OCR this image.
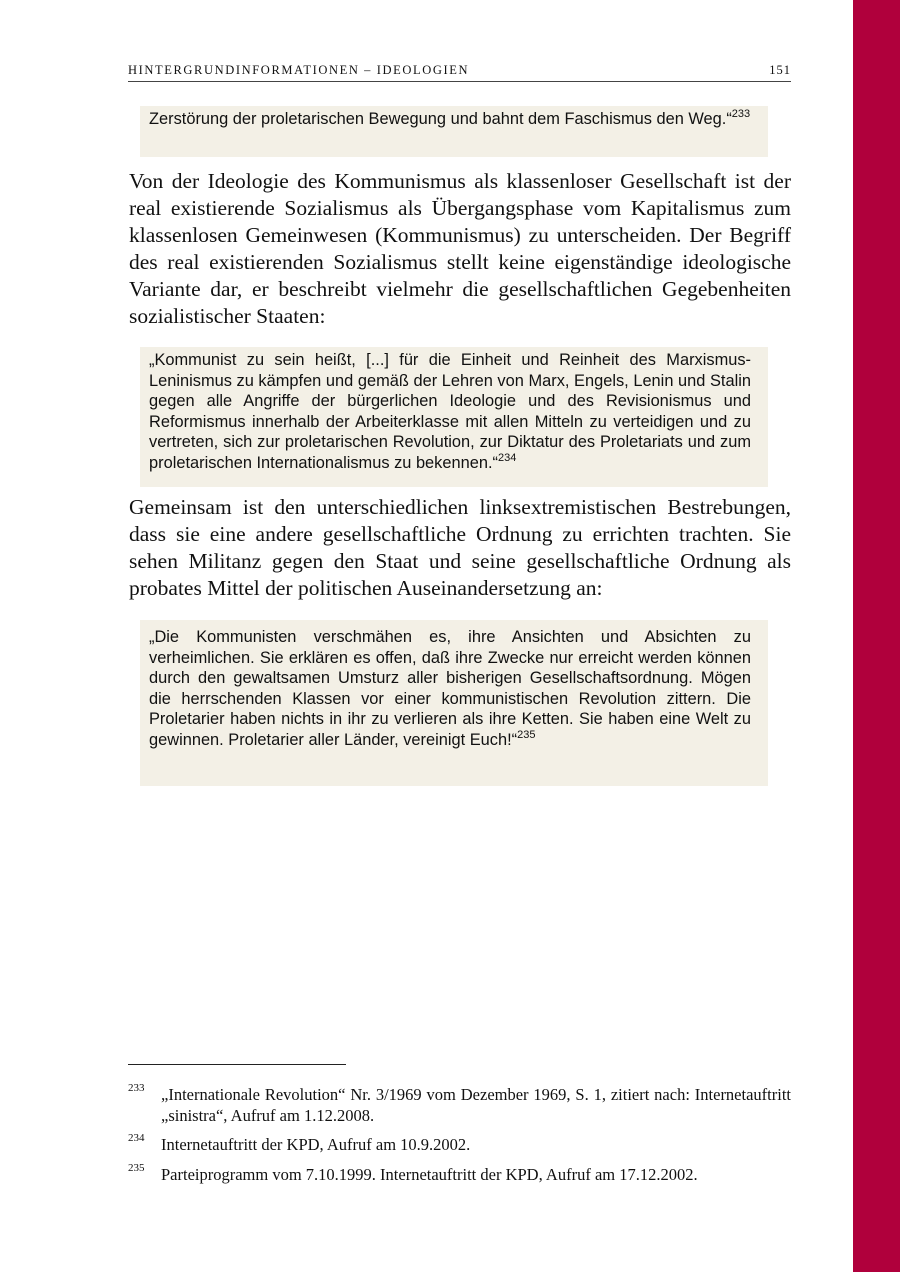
HINTERGRUNDINFORMATIONEN – IDEOLOGIEN	151
Zerstörung der proletarischen Bewegung und bahnt dem Faschismus den Weg.“$^{233}$
Von der Ideologie des Kommunismus als klassenloser Gesellschaft ist der real existierende Sozialismus als Übergangsphase vom Kapitalismus zum klassenlosen Gemeinwesen (Kommunismus) zu unterscheiden. Der Begriff des real existierenden Sozialismus stellt keine eigenständige ideologische Variante dar, er beschreibt vielmehr die gesellschaftlichen Gegebenheiten sozialistischer Staaten:
„Kommunist zu sein heißt, [...] für die Einheit und Reinheit des Marxismus-Leninismus zu kämpfen und gemäß der Lehren von Marx, Engels, Lenin und Stalin gegen alle Angriffe der bürgerlichen Ideologie und des Revisionismus und Reformismus innerhalb der Arbeiterklasse mit allen Mitteln zu verteidigen und zu vertreten, sich zur proletarischen Revolution, zur Diktatur des Proletariats und zum proletarischen Internationalismus zu bekennen.“$^{234}$
Gemeinsam ist den unterschiedlichen linksextremistischen Bestrebungen, dass sie eine andere gesellschaftliche Ordnung zu errichten trachten. Sie sehen Militanz gegen den Staat und seine gesellschaftliche Ordnung als probates Mittel der politischen Auseinandersetzung an:
„Die Kommunisten verschmähen es, ihre Ansichten und Absichten zu verheimlichen. Sie erklären es offen, daß ihre Zwecke nur erreicht werden können durch den gewaltsamen Umsturz aller bisherigen Gesellschaftsordnung. Mögen die herrschenden Klassen vor einer kommunistischen Revolution zittern. Die Proletarier haben nichts in ihr zu verlieren als ihre Ketten. Sie haben eine Welt zu gewinnen. Proletarier aller Länder, vereinigt Euch!“$^{235}$
233 „Internationale Revolution“ Nr. 3/1969 vom Dezember 1969, S. 1, zitiert nach: Internetauftritt „sinistra“, Aufruf am 1.12.2008.
234 Internetauftritt der KPD, Aufruf am 10.9.2002.
235 Parteiprogramm vom 7.10.1999. Internetauftritt der KPD, Aufruf am 17.12.2002.
